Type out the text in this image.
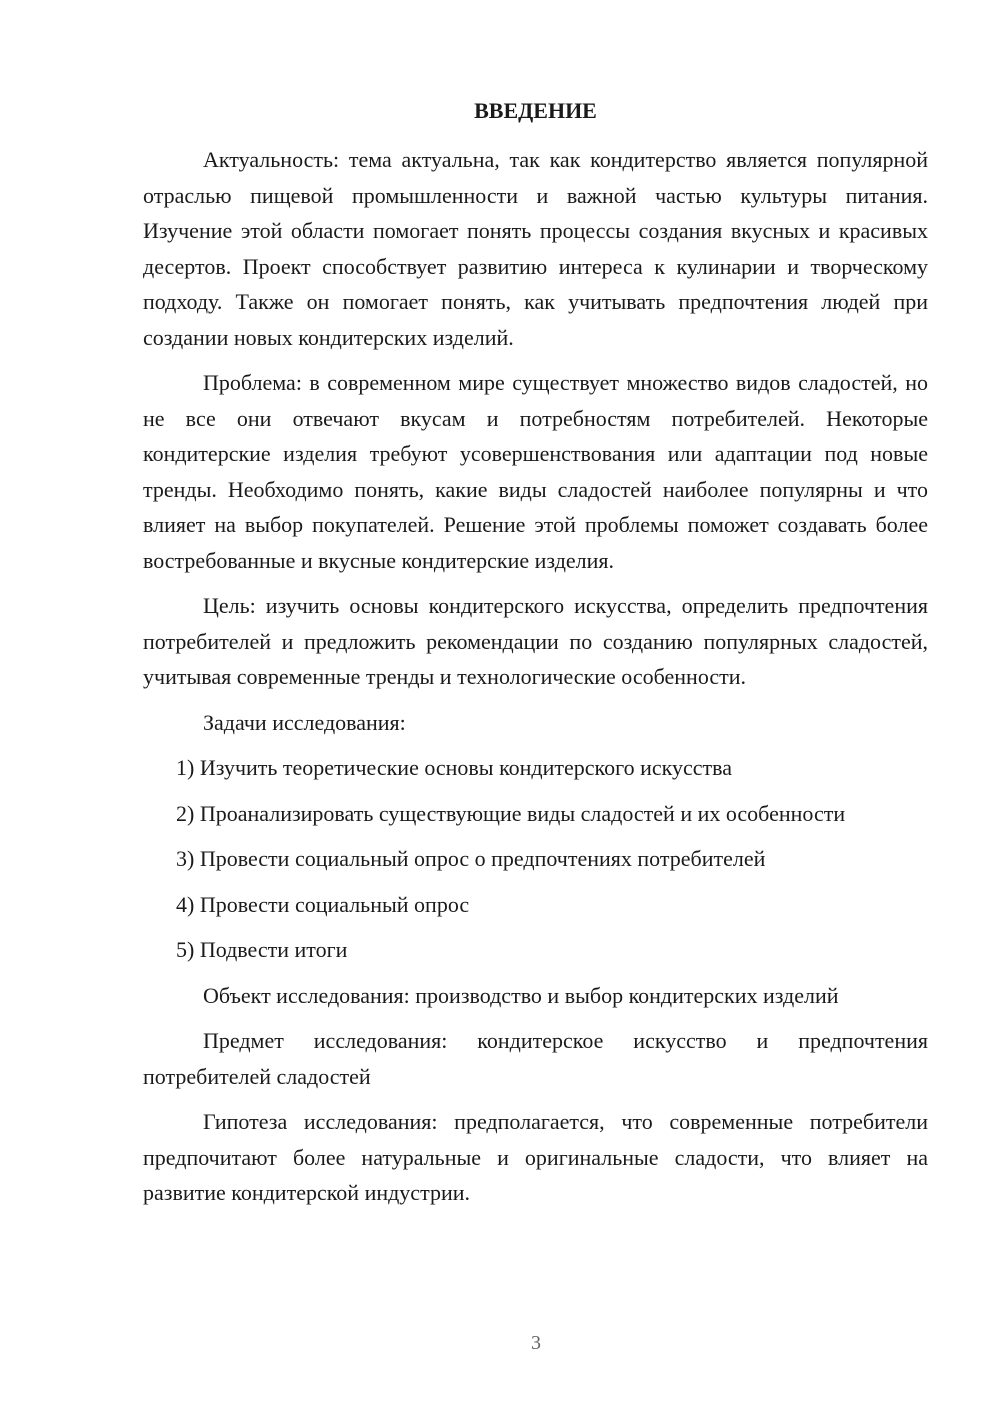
ВВЕДЕНИЕ

Актуальность: тема актуальна, так как кондитерство является популярной отраслью пищевой промышленности и важной частью культуры питания. Изучение этой области помогает понять процессы создания вкусных и красивых десертов. Проект способствует развитию интереса к кулинарии и творческому подходу. Также он помогает понять, как учитывать предпочтения людей при создании новых кондитерских изделий.

Проблема: в современном мире существует множество видов сладостей, но не все они отвечают вкусам и потребностям потребителей. Некоторые кондитерские изделия требуют усовершенствования или адаптации под новые тренды. Необходимо понять, какие виды сладостей наиболее популярны и что влияет на выбор покупателей. Решение этой проблемы поможет создавать более востребованные и вкусные кондитерские изделия.

Цель: изучить основы кондитерского искусства, определить предпочтения потребителей и предложить рекомендации по созданию популярных сладостей, учитывая современные тренды и технологические особенности.

Задачи исследования:

1) Изучить теоретические основы кондитерского искусства
2) Проанализировать существующие виды сладостей и их особенности
3) Провести социальный опрос о предпочтениях потребителей
4) Провести социальный опрос
5) Подвести итоги

Объект исследования: производство и выбор кондитерских изделий

Предмет исследования: кондитерское искусство и предпочтения потребителей сладостей

Гипотеза исследования: предполагается, что современные потребители предпочитают более натуральные и оригинальные сладости, что влияет на развитие кондитерской индустрии.

3
